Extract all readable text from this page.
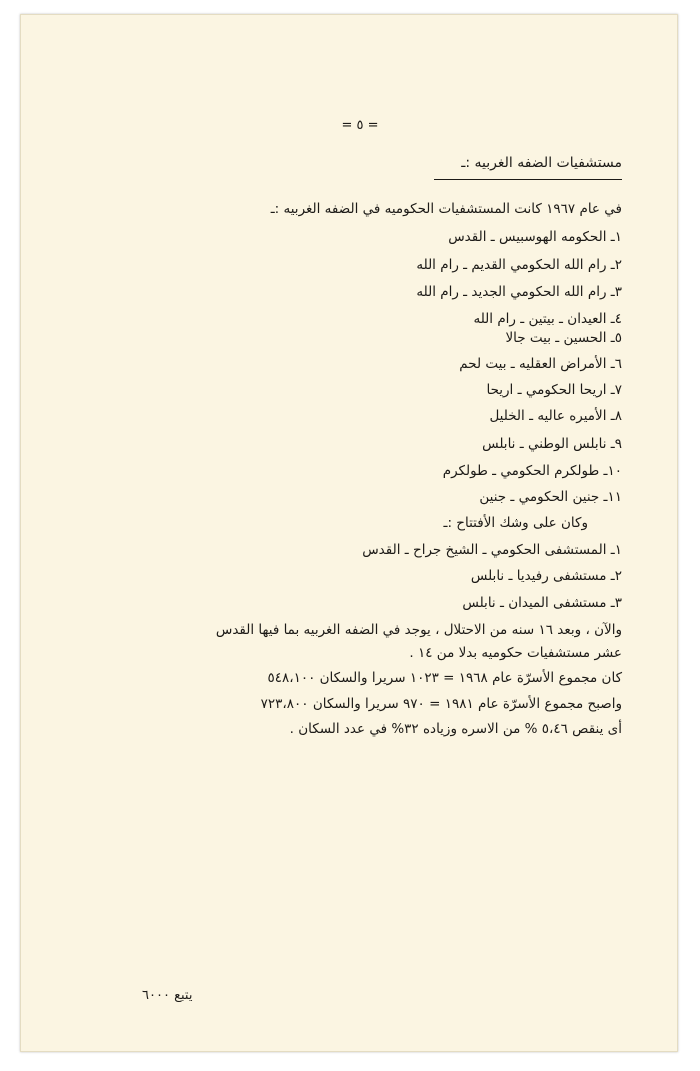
= ٥ =
مستشفيات الضفه الغربيه :ـ
في عام ١٩٦٧ كانت المستشفيات الحكوميه في الضفه الغربيه :ـ
١ـ الحكومه الهوسبيس ـ القدس
٢ـ رام الله الحكومي القديم ـ رام الله
٣ـ رام الله الحكومي الجديد ـ رام الله
٤ـ العيدان ـ بيتين ـ رام الله
٥ـ الحسين ـ بيت جالا
٦ـ الأمراض العقليه ـ بيت لحم
٧ـ اريحا الحكومي ـ اريحا
٨ـ الأميره عاليه ـ الخليل
٩ـ نابلس الوطني ـ نابلس
١٠ـ طولكرم الحكومي ـ طولكرم
١١ـ جنين الحكومي ـ جنين
وكان على وشك الأفتتاح :ـ
١ـ المستشفى الحكومي ـ الشيخ جراح ـ القدس
٢ـ مستشفى رفيديا ـ نابلس
٣ـ مستشفى الميدان ـ نابلس
والآن ، وبعد ١٦ سنه من الاحتلال ، يوجد في الضفه الغربيه بما فيها القدس
عشر مستشفيات حكوميه بدلا من ١٤ .
كان مجموع الأسرّة عام ١٩٦٨ = ١٠٢٣ سريرا والسكان ٥٤٨،١٠٠
واصبح مجموع الأسرّة عام ١٩٨١ = ٩٧٠ سريرا والسكان ٧٢٣،٨٠٠
أى ينقص ٥،٤٦ % من الاسره وزياده ٣٢% في عدد السكان .
يتبع ٦٠٠٠
